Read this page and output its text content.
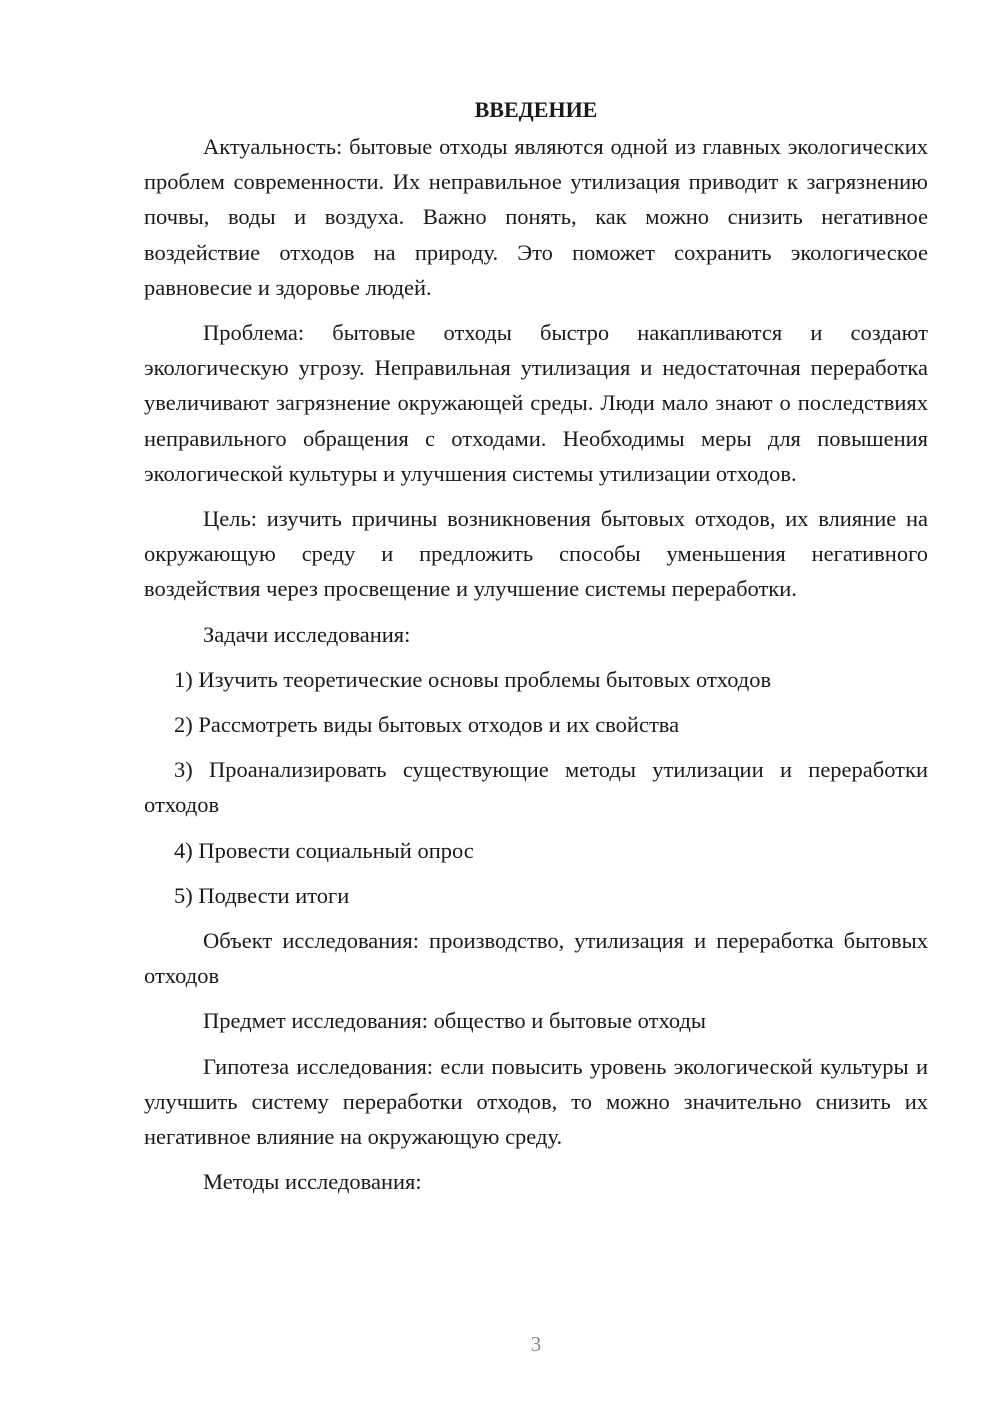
ВВЕДЕНИЕ

Актуальность: бытовые отходы являются одной из главных экологических проблем современности. Их неправильное утилизация приводит к загрязнению почвы, воды и воздуха. Важно понять, как можно снизить негативное воздействие отходов на природу. Это поможет сохранить экологическое равновесие и здоровье людей.

Проблема: бытовые отходы быстро накапливаются и создают экологическую угрозу. Неправильная утилизация и недостаточная переработка увеличивают загрязнение окружающей среды. Люди мало знают о последствиях неправильного обращения с отходами. Необходимы меры для повышения экологической культуры и улучшения системы утилизации отходов.

Цель: изучить причины возникновения бытовых отходов, их влияние на окружающую среду и предложить способы уменьшения негативного воздействия через просвещение и улучшение системы переработки.

Задачи исследования:

1) Изучить теоретические основы проблемы бытовых отходов

2) Рассмотреть виды бытовых отходов и их свойства

3) Проанализировать существующие методы утилизации и переработки отходов

4) Провести социальный опрос

5) Подвести итоги

Объект исследования: производство, утилизация и переработка бытовых отходов

Предмет исследования: общество и бытовые отходы

Гипотеза исследования: если повысить уровень экологической культуры и улучшить систему переработки отходов, то можно значительно снизить их негативное влияние на окружающую среду.

Методы исследования:

3
